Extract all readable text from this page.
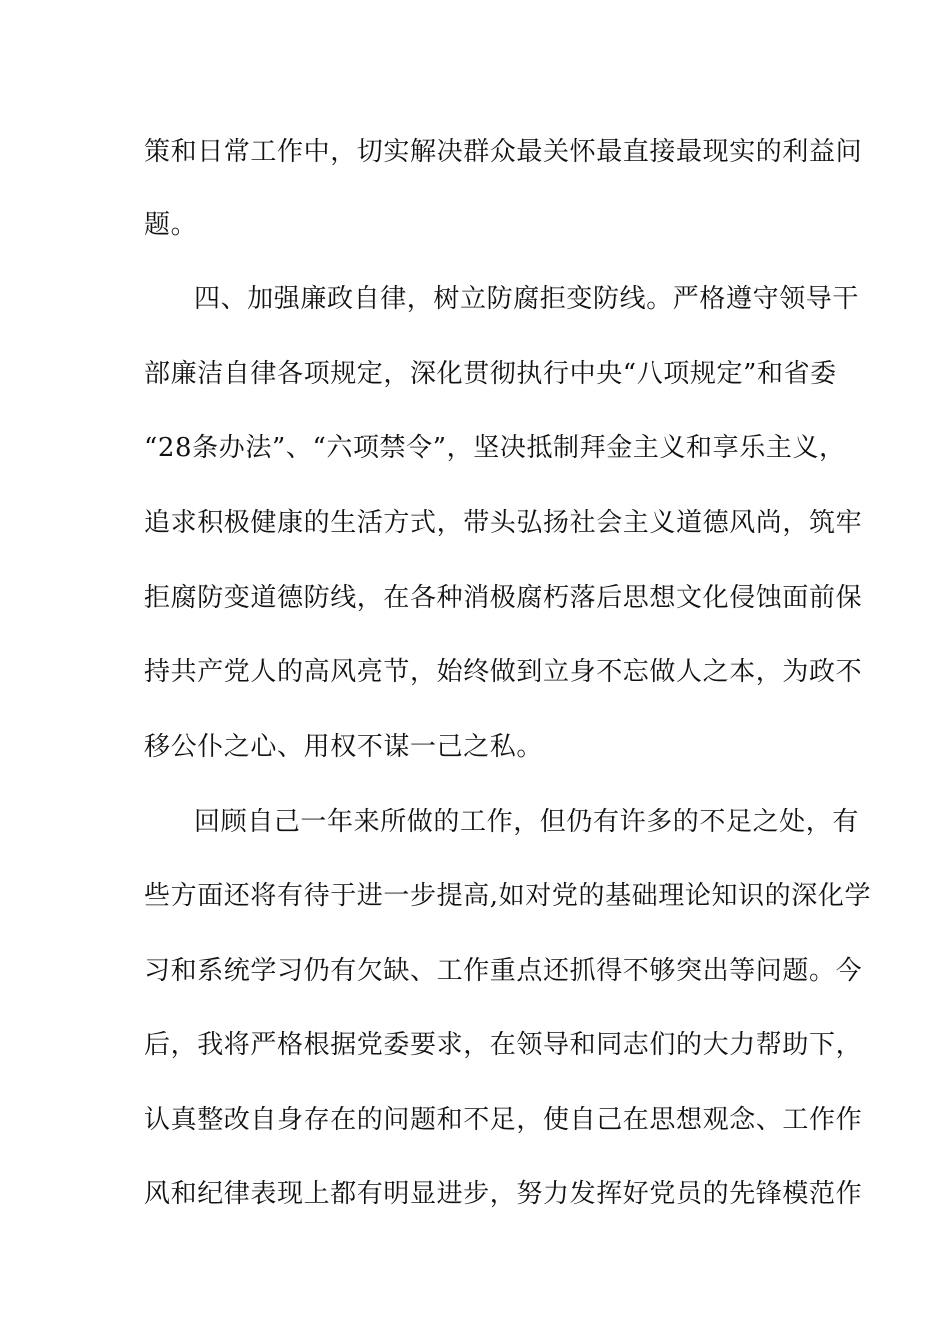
策和日常工作中，切实解决群众最关怀最直接最现实的利益问
题。
四、加强廉政自律，树立防腐拒变防线。严格遵守领导干
部廉洁自律各项规定，深化贯彻执行中央“八项规定”和省委
“28条办法”、“六项禁令”，坚决抵制拜金主义和享乐主义，
追求积极健康的生活方式，带头弘扬社会主义道德风尚，筑牢
拒腐防变道德防线，在各种消极腐朽落后思想文化侵蚀面前保
持共产党人的高风亮节，始终做到立身不忘做人之本，为政不
移公仆之心、用权不谋一己之私。
回顾自己一年来所做的工作，但仍有许多的不足之处，有
些方面还将有待于进一步提高,如对党的基础理论知识的深化学
习和系统学习仍有欠缺、工作重点还抓得不够突出等问题。今
后，我将严格根据党委要求，在领导和同志们的大力帮助下，
认真整改自身存在的问题和不足，使自己在思想观念、工作作
风和纪律表现上都有明显进步，努力发挥好党员的先锋模范作
